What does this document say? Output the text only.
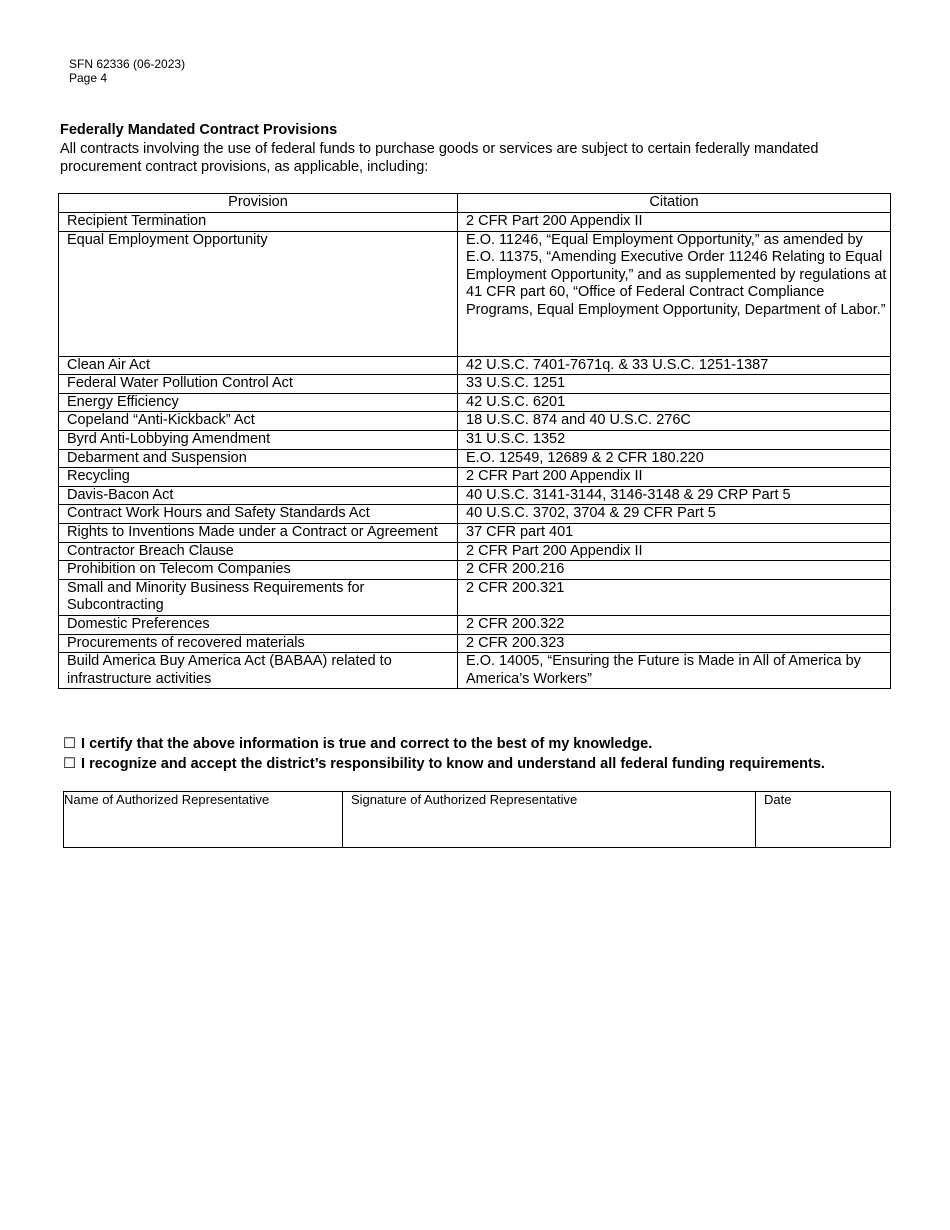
SFN 62336 (06-2023)
Page 4
Federally Mandated Contract Provisions
All contracts involving the use of federal funds to purchase goods or services are subject to certain federally mandated procurement contract provisions, as applicable, including:
Provision	Citation
Recipient Termination	2 CFR Part 200 Appendix II
Equal Employment Opportunity	E.O. 11246, “Equal Employment Opportunity,” as amended by E.O. 11375, “Amending Executive Order 11246 Relating to Equal Employment Opportunity,” and as supplemented by regulations at 41 CFR part 60, “Office of Federal Contract Compliance Programs, Equal Employment Opportunity, Department of Labor.”
Clean Air Act	42 U.S.C. 7401-7671q. & 33 U.S.C. 1251-1387
Federal Water Pollution Control Act	33 U.S.C. 1251
Energy Efficiency	42 U.S.C. 6201
Copeland “Anti-Kickback” Act	18 U.S.C. 874 and 40 U.S.C. 276C
Byrd Anti-Lobbying Amendment	31 U.S.C. 1352
Debarment and Suspension	E.O. 12549, 12689 & 2 CFR 180.220
Recycling	2 CFR Part 200 Appendix II
Davis-Bacon Act	40 U.S.C. 3141-3144, 3146-3148 & 29 CRP Part 5
Contract Work Hours and Safety Standards Act	40 U.S.C. 3702, 3704 & 29 CFR Part 5
Rights to Inventions Made under a Contract or Agreement	37 CFR part 401
Contractor Breach Clause	2 CFR Part 200 Appendix II
Prohibition on Telecom Companies	2 CFR 200.216
Small and Minority Business Requirements for Subcontracting	2 CFR 200.321
Domestic Preferences	2 CFR 200.322
Procurements of recovered materials	2 CFR 200.323
Build America Buy America Act (BABAA) related to infrastructure activities	E.O. 14005, “Ensuring the Future is Made in All of America by America’s Workers”
☐ I certify that the above information is true and correct to the best of my knowledge.
☐ I recognize and accept the district’s responsibility to know and understand all federal funding requirements.
Name of Authorized Representative	Signature of Authorized Representative	Date
